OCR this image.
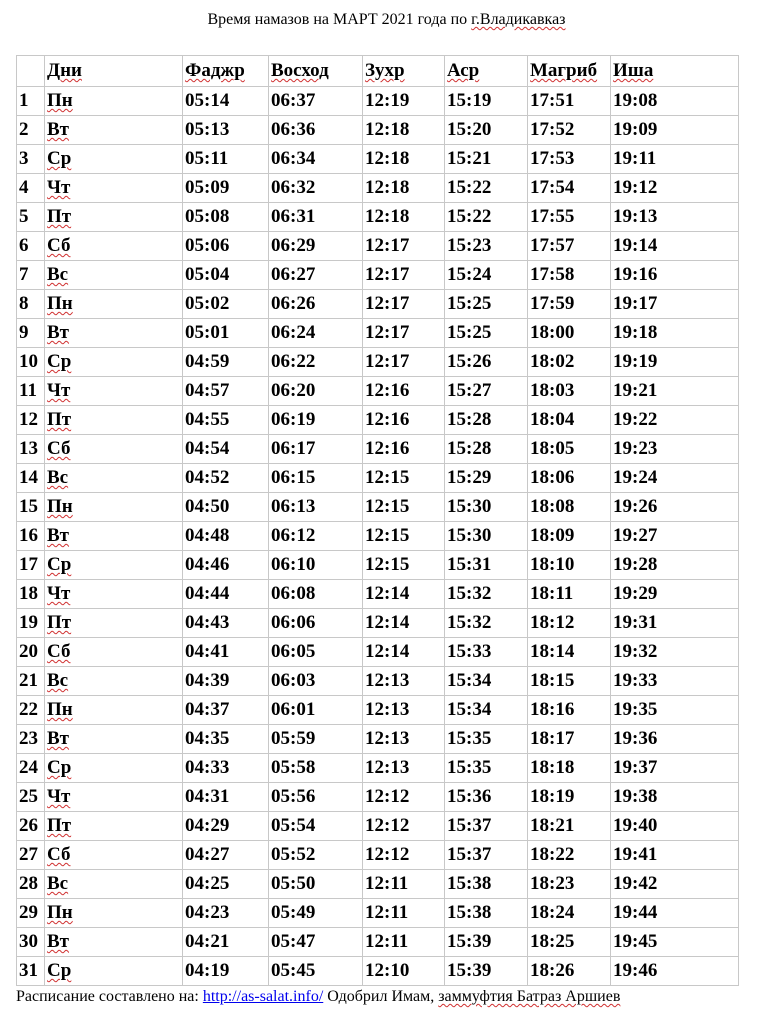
Время намазов на МАРТ 2021 года по г.Владикавказ
	Дни	Фаджр	Восход	Зухр	Аср	Магриб	Иша
1	Пн	05:14	06:37	12:19	15:19	17:51	19:08
2	Вт	05:13	06:36	12:18	15:20	17:52	19:09
3	Ср	05:11	06:34	12:18	15:21	17:53	19:11
4	Чт	05:09	06:32	12:18	15:22	17:54	19:12
5	Пт	05:08	06:31	12:18	15:22	17:55	19:13
6	Сб	05:06	06:29	12:17	15:23	17:57	19:14
7	Вс	05:04	06:27	12:17	15:24	17:58	19:16
8	Пн	05:02	06:26	12:17	15:25	17:59	19:17
9	Вт	05:01	06:24	12:17	15:25	18:00	19:18
10	Ср	04:59	06:22	12:17	15:26	18:02	19:19
11	Чт	04:57	06:20	12:16	15:27	18:03	19:21
12	Пт	04:55	06:19	12:16	15:28	18:04	19:22
13	Сб	04:54	06:17	12:16	15:28	18:05	19:23
14	Вс	04:52	06:15	12:15	15:29	18:06	19:24
15	Пн	04:50	06:13	12:15	15:30	18:08	19:26
16	Вт	04:48	06:12	12:15	15:30	18:09	19:27
17	Ср	04:46	06:10	12:15	15:31	18:10	19:28
18	Чт	04:44	06:08	12:14	15:32	18:11	19:29
19	Пт	04:43	06:06	12:14	15:32	18:12	19:31
20	Сб	04:41	06:05	12:14	15:33	18:14	19:32
21	Вс	04:39	06:03	12:13	15:34	18:15	19:33
22	Пн	04:37	06:01	12:13	15:34	18:16	19:35
23	Вт	04:35	05:59	12:13	15:35	18:17	19:36
24	Ср	04:33	05:58	12:13	15:35	18:18	19:37
25	Чт	04:31	05:56	12:12	15:36	18:19	19:38
26	Пт	04:29	05:54	12:12	15:37	18:21	19:40
27	Сб	04:27	05:52	12:12	15:37	18:22	19:41
28	Вс	04:25	05:50	12:11	15:38	18:23	19:42
29	Пн	04:23	05:49	12:11	15:38	18:24	19:44
30	Вт	04:21	05:47	12:11	15:39	18:25	19:45
31	Ср	04:19	05:45	12:10	15:39	18:26	19:46
Расписание составлено на: http://as-salat.info/ Одобрил Имам, заммуфтия Батраз Аршиев
